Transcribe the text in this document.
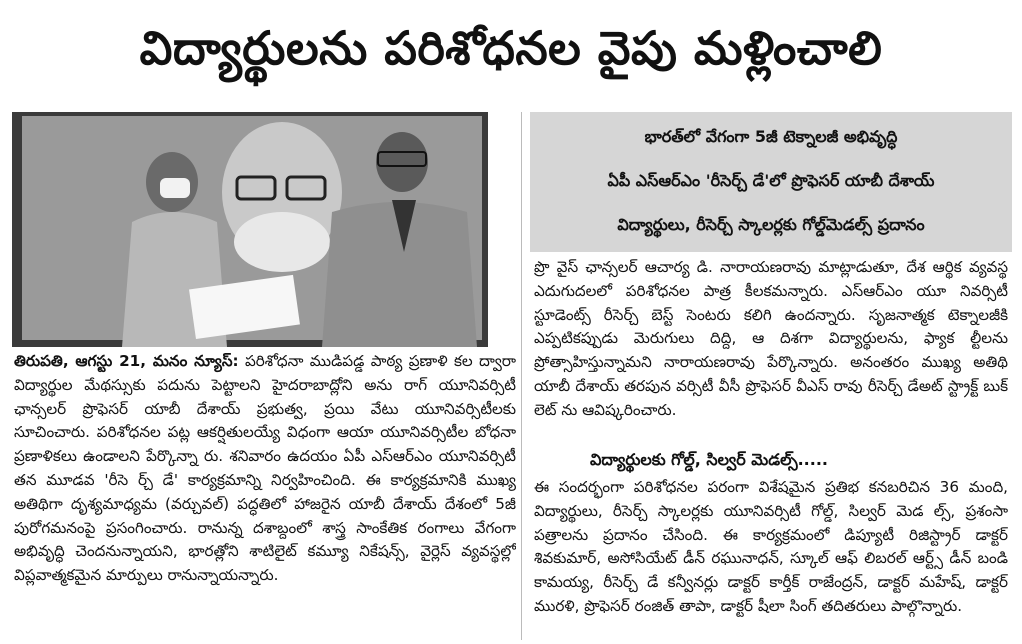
విద్యార్థులను పరిశోధనల వైపు మళ్లించాలి
తిరుపతి, ఆగస్టు 21, మనం న్యూస్: పరిశోధనా ముడిపడ్డ పాఠ్య ప్రణాళి కల ద్వారా విద్యార్థుల మేథస్సుకు పదును పెట్టాలని హైదరాబాద్లోని అను రాగ్ యూనివర్సిటీ ఛాన్సలర్ ప్రొఫెసర్ యాబీ దేశాయ్ ప్రభుత్వ, ప్రయి వేటు యూనివర్సిటీలకు సూచించారు. పరిశోధనల పట్ల ఆకర్షితులయ్యే విధంగా ఆయా యూనివర్సిటీల బోధనా ప్రణాళికలు ఉండాలని పేర్కొన్నా రు. శనివారం ఉదయం ఏపీ ఎస్ఆర్ఎం యూనివర్సిటీ తన మూడవ 'రీసె ర్చ్ డే' కార్యక్రమాన్ని నిర్వహించింది. ఈ కార్యక్రమానికి ముఖ్య అతిథిగా దృశ్యమాధ్యమ (వర్చువల్) పద్ధతిలో హాజరైన యాబీ దేశాయ్ దేశంలో 5జీ పురోగమనంపై ప్రసంగించారు. రానున్న దశాబ్దంలో శాస్త్ర సాంకేతిక రంగాలు వేగంగా అభివృద్ధి చెందనున్నాయని, భారత్లోని శాటిలైట్ కమ్యూ నికేషన్స్, వైర్లెస్ వ్యవస్థల్లో విప్లవాత్మకమైన మార్పులు రానున్నాయన్నారు.
భారత్‌లో వేగంగా 5జీ టెక్నాలజీ అభివృద్ధి
ఏపీ ఎస్ఆర్ఎం 'రీసెర్చ్ డే'లో ప్రొఫెసర్ యాబీ దేశాయ్
విద్యార్థులు, రీసెర్చ్ స్కాలర్లకు గోల్డ్‌మెడల్స్ ప్రదానం
ప్రొ వైస్ ఛాన్సలర్ ఆచార్య డి. నారాయణరావు మాట్లాడుతూ, దేశ ఆర్థిక వ్యవస్థ ఎదుగుదలలో పరిశోధనల పాత్ర కీలకమన్నారు. ఎస్ఆర్ఎం యూ నివర్సిటీ స్టూడెంట్స్ రీసెర్చ్ బెస్ట్ సెంటరు కలిగి ఉందన్నారు. సృజనాత్మక టెక్నాలజీకి ఎప్పటికప్పుడు మెరుగులు దిద్ది, ఆ దిశగా విద్యార్థులను, ఫ్యాక ల్టీలను ప్రోత్సాహిస్తున్నామని నారాయణరావు పేర్కొన్నారు. అనంతరం ముఖ్య అతిథి యాబీ దేశాయ్ తరపున వర్సిటీ వీసీ ప్రొఫెసర్ వీఎస్ రావు రీసెర్చ్ డేఅట్ స్ట్రాక్ట్ బుక్ లెట్ ను ఆవిష్కరించారు.
విద్యార్థులకు గోల్డ్, సిల్వర్ మెడల్స్.....
ఈ సందర్భంగా పరిశోధనల పరంగా విశేషమైన ప్రతిభ కనబరిచిన 36 మంది, విద్యార్థులు, రీసెర్చ్ స్కాలర్లకు యూనివర్సిటీ గోల్డ్, సిల్వర్ మెడ ల్స్, ప్రశంసా పత్రాలను ప్రదానం చేసింది. ఈ కార్యక్రమంలో డిప్యూటీ రిజిస్ట్రార్ డాక్టర్ శివకుమార్, అసోసియేట్ డీన్ రఘునాధన్, స్కూల్ ఆఫ్ లిబరల్ ఆర్ట్స్ డీన్ బండి కామయ్య, రీసెర్చ్ డే కన్వీనర్లు డాక్టర్ కార్తీక్ రాజేంద్రన్, డాక్టర్ మహేష్, డాక్టర్ మురళి, ప్రొఫెసర్ రంజిత్ తాపా, డాక్టర్ షీలా సింగ్ తదితరులు పాల్గొన్నారు.
